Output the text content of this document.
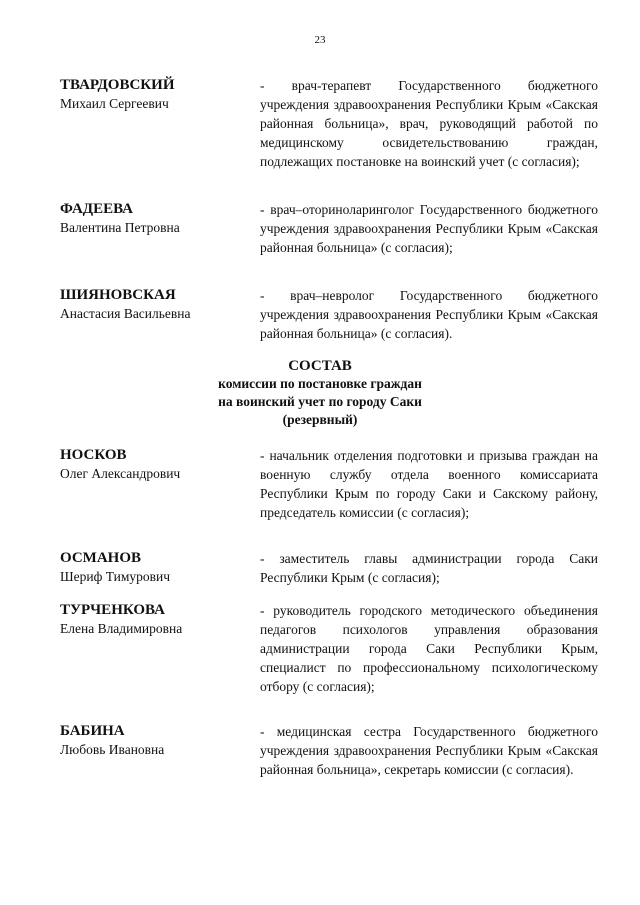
23
ТВАРДОВСКИЙ
Михаил Сергеевич
- врач-терапевт Государственного бюджетного учреждения здравоохранения Республики Крым «Сакская районная больница», врач, руководящий работой по медицинскому освидетельствованию граждан, подлежащих постановке на воинский учет (с согласия);
ФАДЕЕВА
Валентина Петровна
- врач–оториноларинголог Государственного бюджетного учреждения здравоохранения Республики Крым «Сакская районная больница» (с согласия);
ШИЯНОВСКАЯ
Анастасия Васильевна
- врач–невролог Государственного бюджетного учреждения здравоохранения Республики Крым «Сакская районная больница» (с согласия).
СОСТАВ
комиссии по постановке граждан
на воинский учет по городу Саки
(резервный)
НОСКОВ
Олег Александрович
- начальник отделения подготовки и призыва граждан на военную службу отдела военного комиссариата Республики Крым по городу Саки и Сакскому району, председатель комиссии (с согласия);
ОСМАНОВ
Шериф Тимурович
- заместитель главы администрации города Саки Республики Крым (с согласия);
ТУРЧЕНКОВА
Елена Владимировна
- руководитель городского методического объединения педагогов психологов управления образования администрации города Саки Республики Крым, специалист по профессиональному психологическому отбору (с согласия);
БАБИНА
Любовь Ивановна
- медицинская сестра Государственного бюджетного учреждения здравоохранения Республики Крым «Сакская районная больница», секретарь комиссии (с согласия).
